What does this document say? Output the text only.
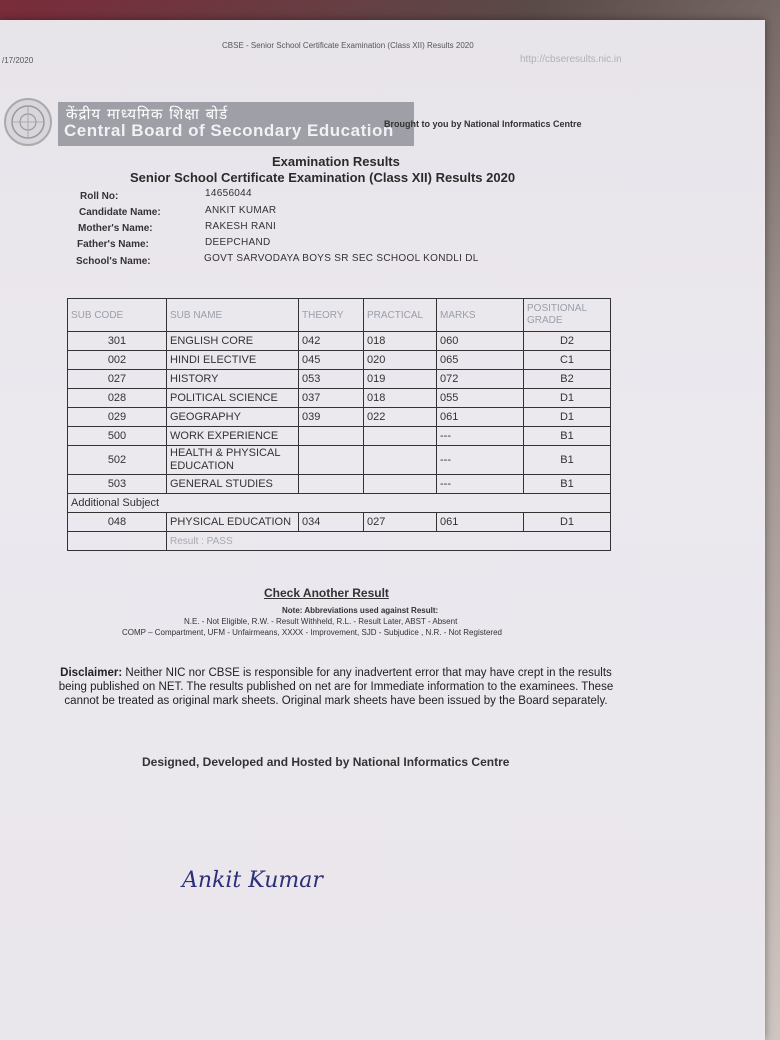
/17/2020
CBSE - Senior School Certificate Examination (Class XII) Results 2020
http://cbseresults.nic.in
केंद्रीय माध्यमिक शिक्षा बोर्ड
Central Board of Secondary Education
Brought to you by National Informatics Centre
Examination Results
Senior School Certificate Examination (Class XII) Results 2020
Roll No:	14656044
Candidate Name:	ANKIT KUMAR
Mother's Name:	RAKESH RANI
Father's Name:	DEEPCHAND
School's Name:	GOVT SARVODAYA BOYS SR SEC SCHOOL KONDLI DL
SUB CODE	SUB NAME	THEORY	PRACTICAL	MARKS	POSITIONAL GRADE
301	ENGLISH CORE	042	018	060	D2
002	HINDI ELECTIVE	045	020	065	C1
027	HISTORY	053	019	072	B2
028	POLITICAL SCIENCE	037	018	055	D1
029	GEOGRAPHY	039	022	061	D1
500	WORK EXPERIENCE			---	B1
502	HEALTH & PHYSICAL EDUCATION			---	B1
503	GENERAL STUDIES			---	B1
Additional Subject					
048	PHYSICAL EDUCATION	034	027	061	D1
	Result : PASS				
Check Another Result
Note: Abbreviations used against Result:
N.E. - Not Eligible, R.W. - Result Withheld, R.L. - Result Later, ABST - Absent
COMP – Compartment, UFM - Unfairmeans, XXXX - Improvement, SJD - Subjudice , N.R. - Not Registered
Disclaimer: Neither NIC nor CBSE is responsible for any inadvertent error that may have crept in the results being published on NET. The results published on net are for Immediate information to the examinees. These cannot be treated as original mark sheets. Original mark sheets have been issued by the Board separately.
Designed, Developed and Hosted by National Informatics Centre
Ankit Kumar
